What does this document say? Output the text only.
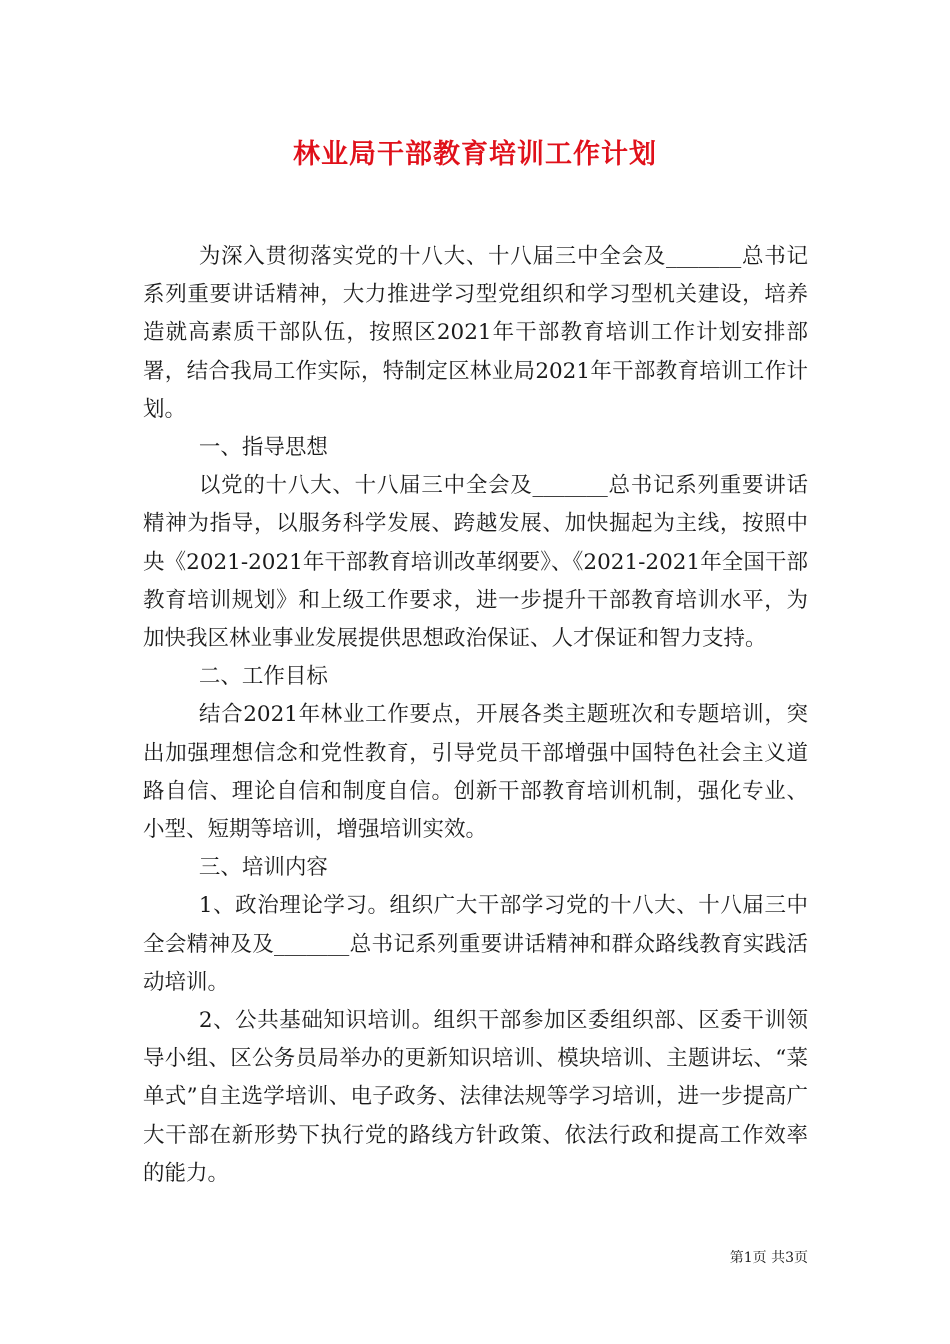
林业局干部教育培训工作计划

为深入贯彻落实党的十八大、十八届三中全会及_______总书记系列重要讲话精神，大力推进学习型党组织和学习型机关建设，培养造就高素质干部队伍，按照区2021年干部教育培训工作计划安排部署，结合我局工作实际，特制定区林业局2021年干部教育培训工作计划。

一、指导思想

以党的十八大、十八届三中全会及_______总书记系列重要讲话精神为指导，以服务科学发展、跨越发展、加快掘起为主线，按照中央《2021-2021年干部教育培训改革纲要》、《2021-2021年全国干部教育培训规划》和上级工作要求，进一步提升干部教育培训水平，为加快我区林业事业发展提供思想政治保证、人才保证和智力支持。

二、工作目标

结合2021年林业工作要点，开展各类主题班次和专题培训，突出加强理想信念和党性教育，引导党员干部增强中国特色社会主义道路自信、理论自信和制度自信。创新干部教育培训机制，强化专业、小型、短期等培训，增强培训实效。

三、培训内容

1、政治理论学习。组织广大干部学习党的十八大、十八届三中全会精神及及_______总书记系列重要讲话精神和群众路线教育实践活动培训。

2、公共基础知识培训。组织干部参加区委组织部、区委干训领导小组、区公务员局举办的更新知识培训、模块培训、主题讲坛、“菜单式”自主选学培训、电子政务、法律法规等学习培训，进一步提高广大干部在新形势下执行党的路线方针政策、依法行政和提高工作效率的能力。

第1页 共3页
